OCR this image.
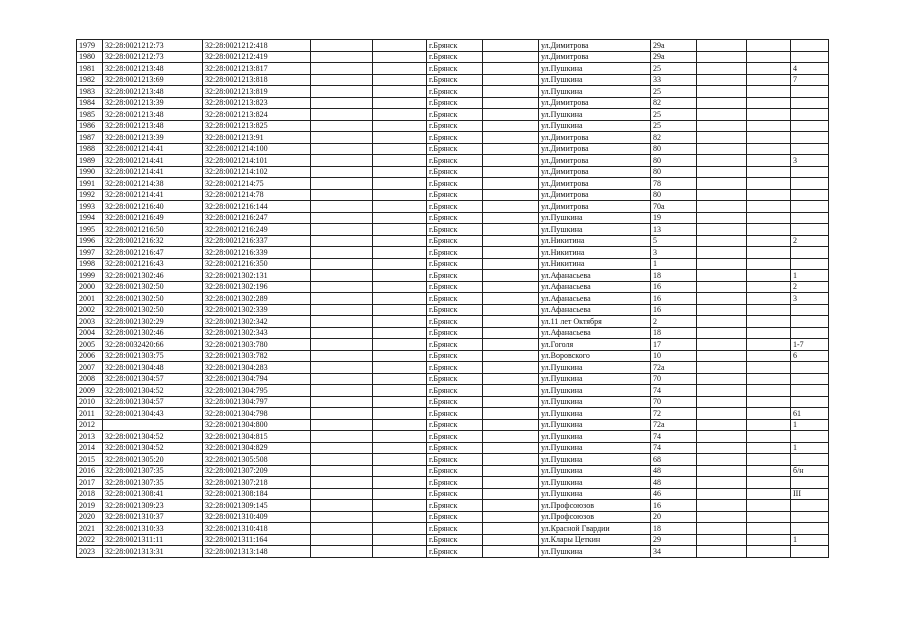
1979	32:28:0021212:73	32:28:0021212:418			г.Брянск		ул.Димитрова	29а			
1980	32:28:0021212:73	32:28:0021212:419			г.Брянск		ул.Димитрова	29а			
1981	32:28:0021213:48	32:28:0021213:817			г.Брянск		ул.Пушкина	25			4
1982	32:28:0021213:69	32:28:0021213:818			г.Брянск		ул.Пушкина	33			7
1983	32:28:0021213:48	32:28:0021213:819			г.Брянск		ул.Пушкина	25			
1984	32:28:0021213:39	32:28:0021213:823			г.Брянск		ул.Димитрова	82			
1985	32:28:0021213:48	32:28:0021213:824			г.Брянск		ул.Пушкина	25			
1986	32:28:0021213:48	32:28:0021213:825			г.Брянск		ул.Пушкина	25			
1987	32:28:0021213:39	32:28:0021213:91			г.Брянск		ул.Димитрова	82			
1988	32:28:0021214:41	32:28:0021214:100			г.Брянск		ул.Димитрова	80			
1989	32:28:0021214:41	32:28:0021214:101			г.Брянск		ул.Димитрова	80			3
1990	32:28:0021214:41	32:28:0021214:102			г.Брянск		ул.Димитрова	80			
1991	32:28:0021214:38	32:28:0021214:75			г.Брянск		ул.Димитрова	78			
1992	32:28:0021214:41	32:28:0021214:78			г.Брянск		ул.Димитрова	80			
1993	32:28:0021216:40	32:28:0021216:144			г.Брянск		ул.Димитрова	70а			
1994	32:28:0021216:49	32:28:0021216:247			г.Брянск		ул.Пушкина	19			
1995	32:28:0021216:50	32:28:0021216:249			г.Брянск		ул.Пушкина	13			
1996	32:28:0021216:32	32:28:0021216:337			г.Брянск		ул.Никитина	5			2
1997	32:28:0021216:47	32:28:0021216:339			г.Брянск		ул.Никитина	3			
1998	32:28:0021216:43	32:28:0021216:350			г.Брянск		ул.Никитина	1			
1999	32:28:0021302:46	32:28:0021302:131			г.Брянск		ул.Афанасьева	18			1
2000	32:28:0021302:50	32:28:0021302:196			г.Брянск		ул.Афанасьева	16			2
2001	32:28:0021302:50	32:28:0021302:289			г.Брянск		ул.Афанасьева	16			3
2002	32:28:0021302:50	32:28:0021302:339			г.Брянск		ул.Афанасьева	16			
2003	32:28:0021302:29	32:28:0021302:342			г.Брянск		ул.11 лет Октября	2			
2004	32:28:0021302:46	32:28:0021302:343			г.Брянск		ул.Афанасьева	18			
2005	32:28:0032420:66	32:28:0021303:780			г.Брянск		ул.Гоголя	17			1-7
2006	32:28:0021303:75	32:28:0021303:782			г.Брянск		ул.Воровского	10			6
2007	32:28:0021304:48	32:28:0021304:283			г.Брянск		ул.Пушкина	72а			
2008	32:28:0021304:57	32:28:0021304:794			г.Брянск		ул.Пушкина	70			
2009	32:28:0021304:52	32:28:0021304:795			г.Брянск		ул.Пушкина	74			
2010	32:28:0021304:57	32:28:0021304:797			г.Брянск		ул.Пушкина	70			
2011	32:28:0021304:43	32:28:0021304:798			г.Брянск		ул.Пушкина	72			61
2012		32:28:0021304:800			г.Брянск		ул.Пушкина	72а			1
2013	32:28:0021304:52	32:28:0021304:815			г.Брянск		ул.Пушкина	74			
2014	32:28:0021304:52	32:28:0021304:829			г.Брянск		ул.Пушкина	74			1
2015	32:28:0021305:20	32:28:0021305:508			г.Брянск		ул.Пушкина	68			
2016	32:28:0021307:35	32:28:0021307:209			г.Брянск		ул.Пушкина	48			б/н
2017	32:28:0021307:35	32:28:0021307:218			г.Брянск		ул.Пушкина	48			
2018	32:28:0021308:41	32:28:0021308:184			г.Брянск		ул.Пушкина	46			III
2019	32:28:0021309:23	32:28:0021309:145			г.Брянск		ул.Профсоюзов	16			
2020	32:28:0021310:37	32:28:0021310:409			г.Брянск		ул.Профсоюзов	20			
2021	32:28:0021310:33	32:28:0021310:418			г.Брянск		ул.Красной Гвардии	18			
2022	32:28:0021311:11	32:28:0021311:164			г.Брянск		ул.Клары Цеткин	29			1
2023	32:28:0021313:31	32:28:0021313:148			г.Брянск		ул.Пушкина	34			
